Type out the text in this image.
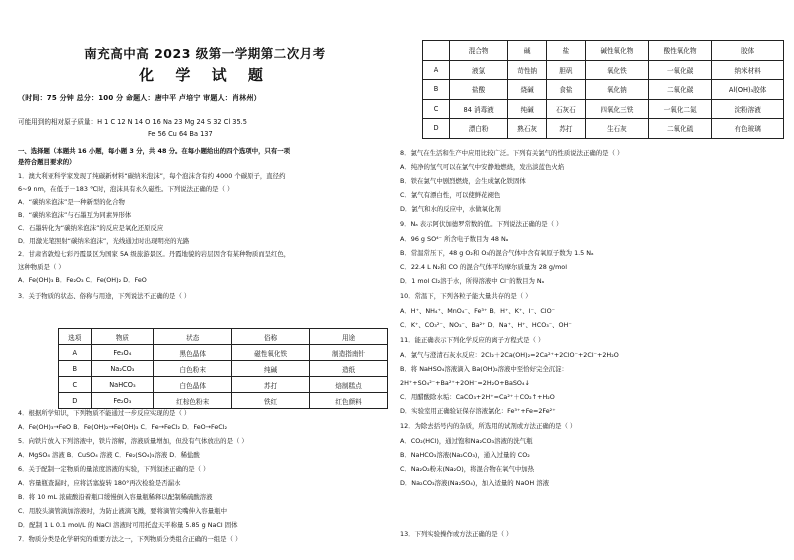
南充高中高 2023 级第一学期第二次月考
化 学 试 题
（时间：75 分钟 总分：100 分 命题人：唐中平 卢培宁 审题人：肖林州）
可能用到的相对原子质量：H 1 C 12 N 14 O 16 Na 23 Mg 24 S 32 Cl 35.5
Fe 56 Cu 64 Ba 137
一、选择题（本题共 16 小题，每小题 3 分，共 48 分。在每小题给出的四个选项中，只有一项
是符合题目要求的）
1．澳大利亚科学家发现了纯碳新材料“碳纳米泡沫”，每个泡沫含有约 4000 个碳原子，直径约
6~9 nm，在低于－183 ℃时，泡沫具有永久磁性。下列说法正确的是（ ）
A．“碳纳米泡沫”是一种新型的化合物
B．“碳纳米泡沫”与石墨互为同素异形体
C．石墨转化为“碳纳米泡沫”的反应是氧化还原反应
D．用激光笔照射“碳纳米泡沫”，光线通过时出现明亮的光路
2．甘肃省敦煌七彩丹霞景区为国家 5A 级旅游景区。丹霞地貌的岩层因含有某种物质而呈红色，
这种物质是（ ）
A．Fe(OH)₃ B．Fe₂O₃ C．Fe(OH)₂ D．FeO
3．关于物质的状态、俗称与用途，下列说法不正确的是（ ）
选项	物质	状态	俗称	用途
A	Fe₃O₄	黑色晶体	磁性氧化铁	制造指南针
B	Na₂CO₃	白色粉末	纯碱	造纸
C	NaHCO₃	白色晶体	苏打	焙制糕点
D	Fe₂O₃	红棕色粉末	铁红	红色颜料
4．根据所学知识，下列物质不能通过一步反应实现的是（ ）
A．Fe(OH)₃→FeO B．Fe(OH)₂→Fe(OH)₃ C．Fe→FeCl₂ D．FeO→FeCl₂
5．向铁片放入下列溶液中，铁片溶解，溶液质量增加，但没有气体放出的是（ ）
A．MgSO₄ 溶液 B．CuSO₄ 溶液 C．Fe₂(SO₄)₃溶液 D．稀盐酸
6．关于配制一定物质的量浓度溶液的实验，下列叙述正确的是（ ）
A．容量瓶查漏时，应将活塞旋转 180°再次检验是否漏水
B．将 10 mL 浓硫酸沿着瓶口缓慢倒入容量瓶稀释以配制稀硫酸溶液
C．用胶头滴管滴加溶液时，为防止液滴飞溅，要将滴管尖嘴伸入容量瓶中
D．配制 1 L 0.1 mol/L 的 NaCl 溶液时可用托盘天平称量 5.85 g NaCl 固体
7．物质分类是化学研究的重要方法之一，下列物质分类组合正确的一组是（ ）
	混合物	碱	盐	碱性氧化物	酸性氧化物	胶体
A	液氯	苛性钠	胆矾	氧化铁	一氧化碳	纳米材料
B	盐酸	烧碱	食盐	氧化钠	二氧化碳	Al(OH)₃胶体
C	84 消毒液	纯碱	石灰石	四氧化三铁	一氧化二氮	淀粉溶液
D	漂白粉	熟石灰	苏打	生石灰	二氧化硫	有色玻璃
8．氯气在生活和生产中应用比较广泛。下列有关氯气的性质说法正确的是（ ）
A．纯净的氢气可以在氯气中安静地燃烧，发出淡蓝色火焰
B．铁在氯气中剧烈燃烧，会生成氯化铁固体
C．氯气有漂白性，可以使鲜花褪色
D．氯气和水的反应中，水做氧化剂
9．Nₐ 表示阿伏加德罗常数的值。下列说法正确的是（ ）
A．96 g SO⁴⁻ 所含电子数目为 48 Nₐ
B．常温常压下，48 g O₂和 O₃的混合气体中含有氧原子数为 1.5 Nₐ
C．22.4 L N₂和 CO 的混合气体平均摩尔质量为 28 g/mol
D．1 mol Cl₂溶于水，所得溶液中 Cl⁻的数目为 Nₐ
10．常温下，下列各粒子能大量共存的是（ ）
A．H⁺、NH₄⁺、MnO₄⁻、Fe³⁺ B．H⁺、K⁺、I⁻、ClO⁻
C．K⁺、CO₃²⁻、NO₃⁻、Ba²⁺ D．Na⁺、H⁺、HCO₃⁻、OH⁻
11．能正确表示下列化学反应的离子方程式是（ ）
A．氯气与澄清石灰水反应：2Cl₂＋2Ca(OH)₂=2Ca²⁺+2ClO⁻+2Cl⁻+2H₂O
B．将 NaHSO₄溶液滴入 Ba(OH)₂溶液中至恰好完全沉淀：
2H⁺+SO₄²⁻+Ba²⁺+2OH⁻=2H₂O+BaSO₄↓
C．用醋酸除水垢：CaCO₃+2H⁺=Ca²⁺＋CO₂↑+H₂O
D．实验室用正确验证保存溶液氯化：Fe³⁺+Fe=2Fe²⁺
12．为除去括号内的杂质，所选用的试剂或方法正确的是（ ）
A．CO₂(HCl)，通过饱和Na₂CO₃溶液的洗气瓶
B．NaHCO₃溶液(Na₂CO₃)，通入过量的 CO₂
C．Na₂O₂粉末(Na₂O)，将混合物在氧气中加热
D．Na₂CO₃溶液(Na₂SO₄)，加入适量的 NaOH 溶液
13．下列实验操作或方法正确的是（ ）
